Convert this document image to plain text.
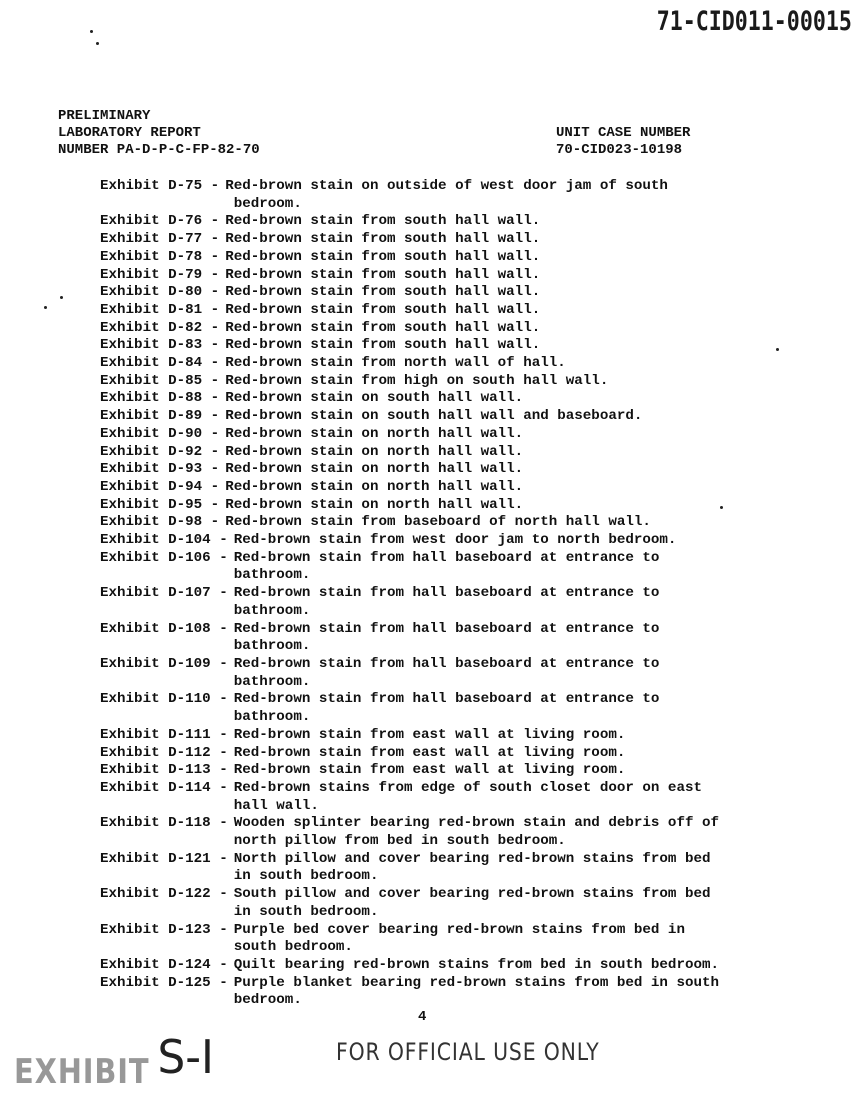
71-CID011-00015
PRELIMINARY
LABORATORY REPORT
NUMBER PA-D-P-C-FP-82-70
UNIT CASE NUMBER
70-CID023-10198
Exhibit D-75 - Red-brown stain on outside of west door jam of south
bedroom.
Exhibit D-76 - Red-brown stain from south hall wall.
Exhibit D-77 - Red-brown stain from south hall wall.
Exhibit D-78 - Red-brown stain from south hall wall.
Exhibit D-79 - Red-brown stain from south hall wall.
Exhibit D-80 - Red-brown stain from south hall wall.
Exhibit D-81 - Red-brown stain from south hall wall.
Exhibit D-82 - Red-brown stain from south hall wall.
Exhibit D-83 - Red-brown stain from south hall wall.
Exhibit D-84 - Red-brown stain from north wall of hall.
Exhibit D-85 - Red-brown stain from high on south hall wall.
Exhibit D-88 - Red-brown stain on south hall wall.
Exhibit D-89 - Red-brown stain on south hall wall and baseboard.
Exhibit D-90 - Red-brown stain on north hall wall.
Exhibit D-92 - Red-brown stain on north hall wall.
Exhibit D-93 - Red-brown stain on north hall wall.
Exhibit D-94 - Red-brown stain on north hall wall.
Exhibit D-95 - Red-brown stain on north hall wall.
Exhibit D-98 - Red-brown stain from baseboard of north hall wall.
Exhibit D-104 - Red-brown stain from west door jam to north bedroom.
Exhibit D-106 - Red-brown stain from hall baseboard at entrance to
bathroom.
Exhibit D-107 - Red-brown stain from hall baseboard at entrance to
bathroom.
Exhibit D-108 - Red-brown stain from hall baseboard at entrance to
bathroom.
Exhibit D-109 - Red-brown stain from hall baseboard at entrance to
bathroom.
Exhibit D-110 - Red-brown stain from hall baseboard at entrance to
bathroom.
Exhibit D-111 - Red-brown stain from east wall at living room.
Exhibit D-112 - Red-brown stain from east wall at living room.
Exhibit D-113 - Red-brown stain from east wall at living room.
Exhibit D-114 - Red-brown stains from edge of south closet door on east
hall wall.
Exhibit D-118 - Wooden splinter bearing red-brown stain and debris off of
north pillow from bed in south bedroom.
Exhibit D-121 - North pillow and cover bearing red-brown stains from bed
in south bedroom.
Exhibit D-122 - South pillow and cover bearing red-brown stains from bed
in south bedroom.
Exhibit D-123 - Purple bed cover bearing red-brown stains from bed in
south bedroom.
Exhibit D-124 - Quilt bearing red-brown stains from bed in south bedroom.
Exhibit D-125 - Purple blanket bearing red-brown stains from bed in south
bedroom.
4
S-I	FOR OFFICIAL USE ONLY
EXHIBIT
